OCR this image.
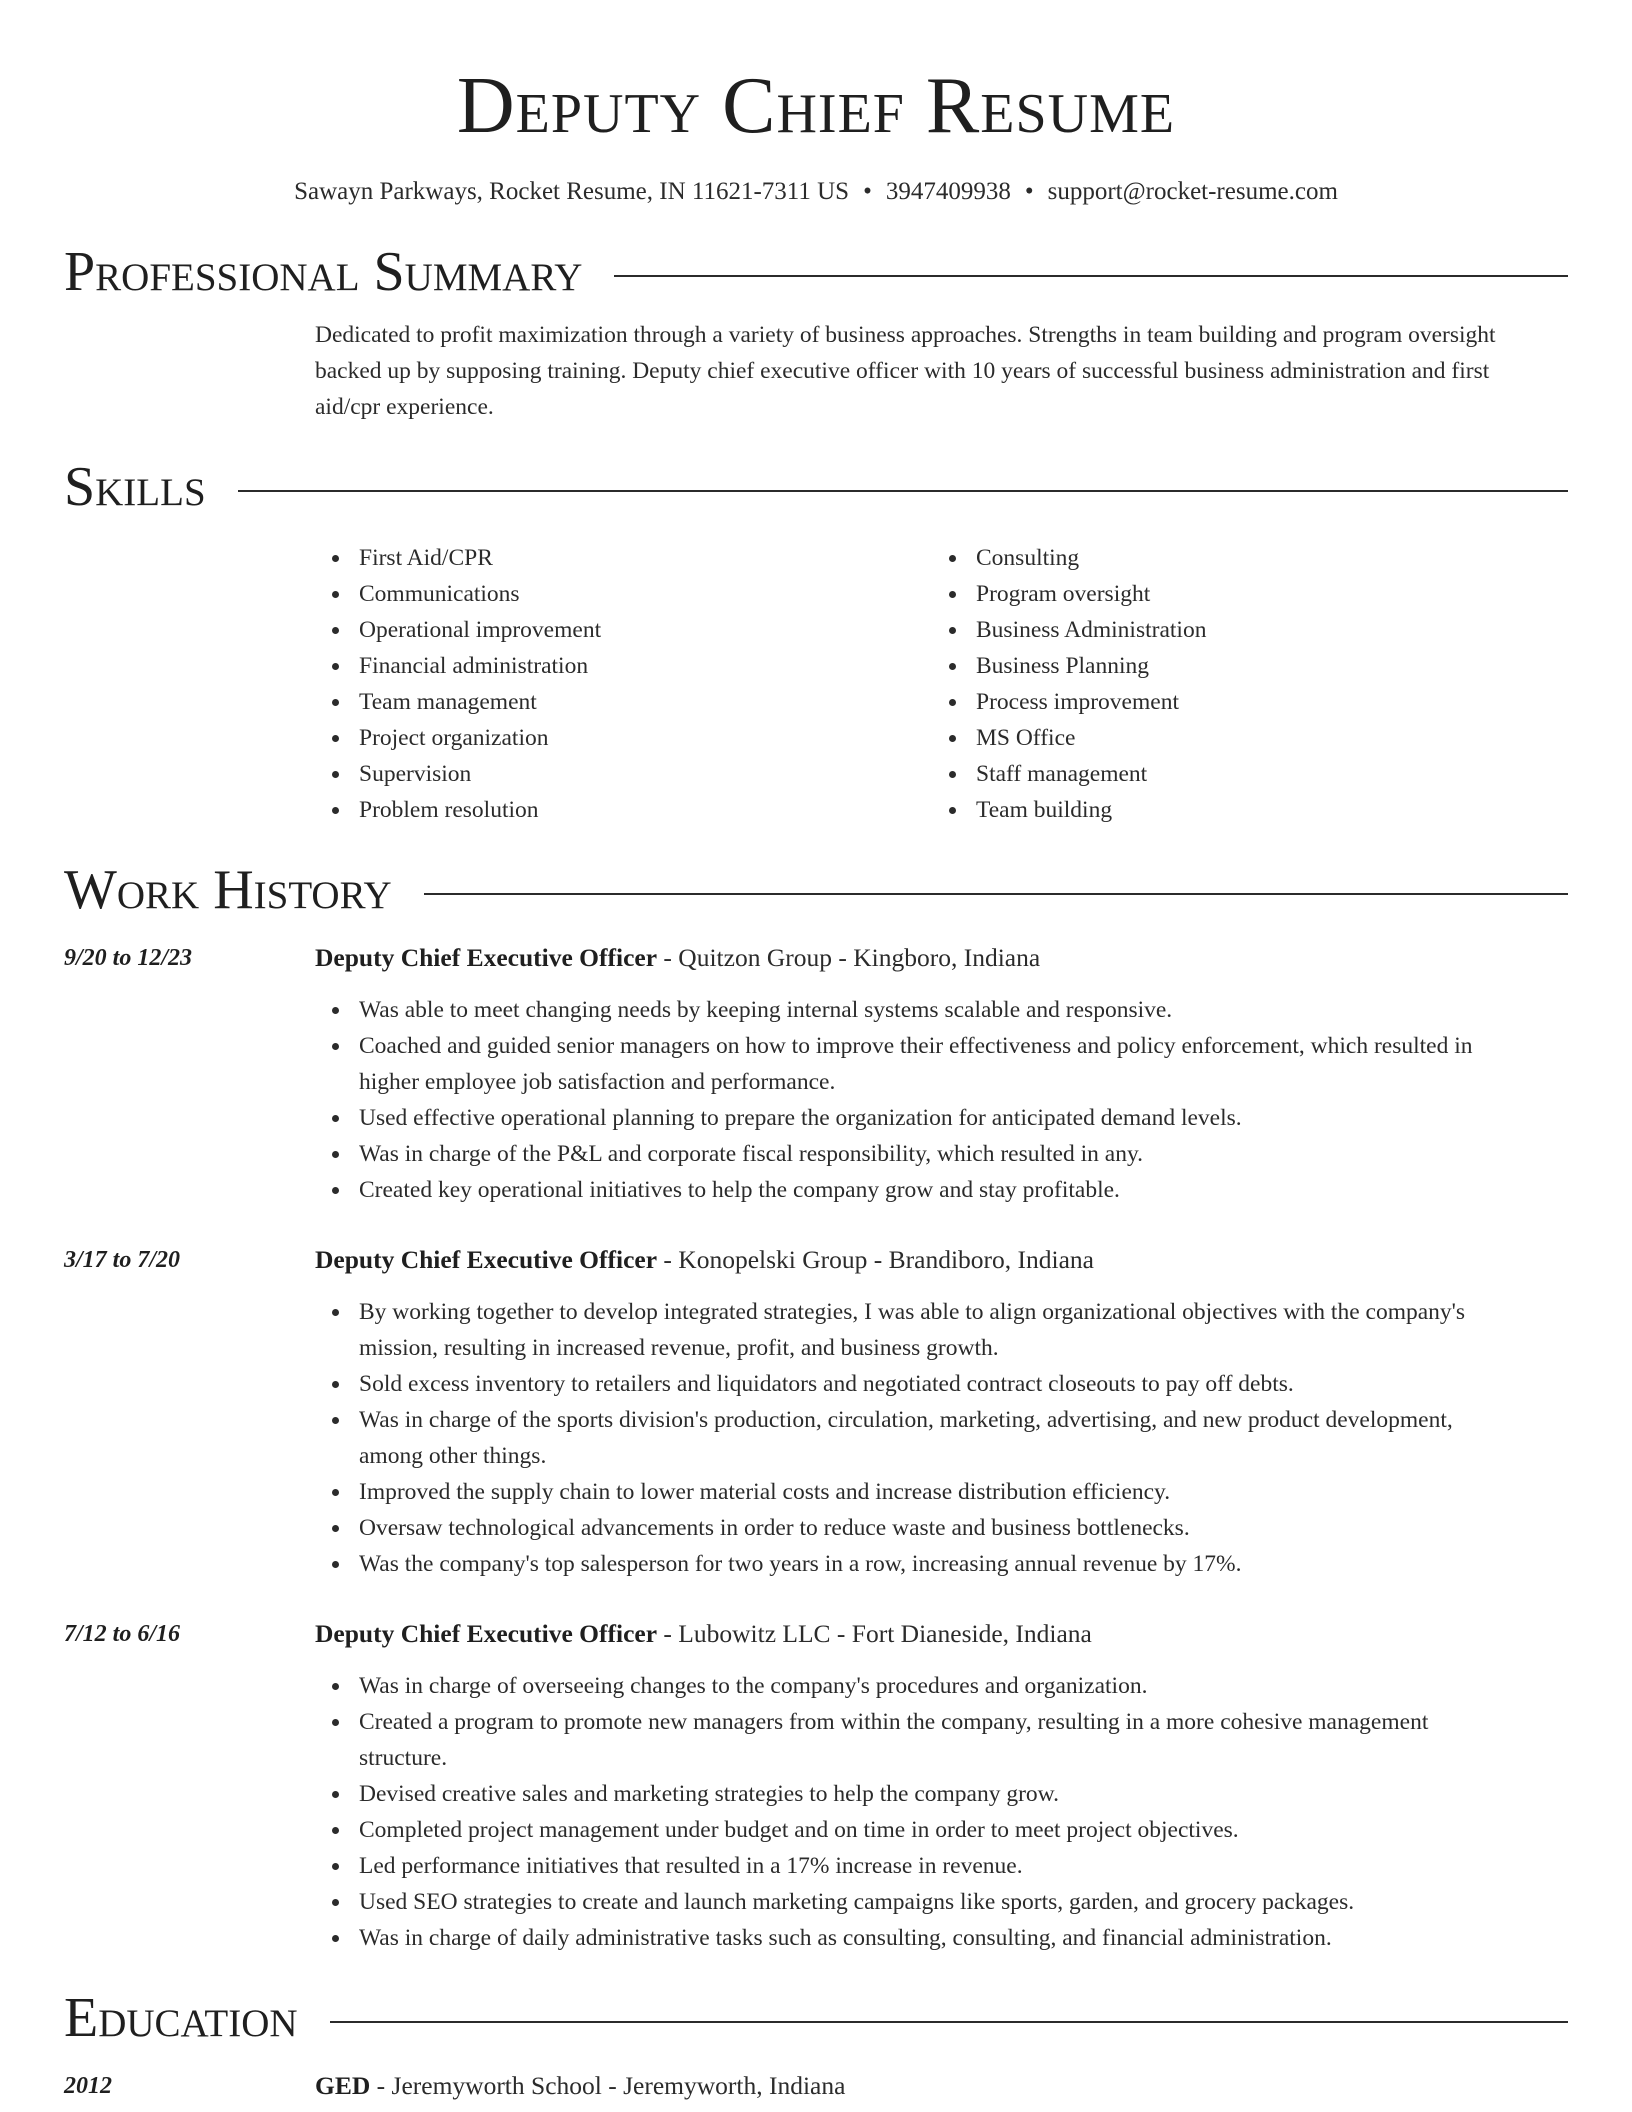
Deputy Chief Resume
Sawayn Parkways, Rocket Resume, IN 11621-7311 US • 3947409938 • support@rocket-resume.com
Professional Summary

Dedicated to profit maximization through a variety of business approaches. Strengths in team building and program oversight backed up by supposing training. Deputy chief executive officer with 10 years of successful business administration and first aid/cpr experience.

Skills
First Aid/CPR
Communications
Operational improvement
Financial administration
Team management
Project organization
Supervision
Problem resolution
Consulting
Program oversight
Business Administration
Business Planning
Process improvement
MS Office
Staff management
Team building
Work History
9/20 to 12/23	Deputy Chief Executive Officer - Quitzon Group - Kingboro, Indiana
Was able to meet changing needs by keeping internal systems scalable and responsive.
Coached and guided senior managers on how to improve their effectiveness and policy enforcement, which resulted in higher employee job satisfaction and performance.
Used effective operational planning to prepare the organization for anticipated demand levels.
Was in charge of the P&L and corporate fiscal responsibility, which resulted in any.
Created key operational initiatives to help the company grow and stay profitable.
3/17 to 7/20	Deputy Chief Executive Officer - Konopelski Group - Brandiboro, Indiana
By working together to develop integrated strategies, I was able to align organizational objectives with the company's mission, resulting in increased revenue, profit, and business growth.
Sold excess inventory to retailers and liquidators and negotiated contract closeouts to pay off debts.
Was in charge of the sports division's production, circulation, marketing, advertising, and new product development, among other things.
Improved the supply chain to lower material costs and increase distribution efficiency.
Oversaw technological advancements in order to reduce waste and business bottlenecks.
Was the company's top salesperson for two years in a row, increasing annual revenue by 17%.
7/12 to 6/16	Deputy Chief Executive Officer - Lubowitz LLC - Fort Dianeside, Indiana
Was in charge of overseeing changes to the company's procedures and organization.
Created a program to promote new managers from within the company, resulting in a more cohesive management structure.
Devised creative sales and marketing strategies to help the company grow.
Completed project management under budget and on time in order to meet project objectives.
Led performance initiatives that resulted in a 17% increase in revenue.
Used SEO strategies to create and launch marketing campaigns like sports, garden, and grocery packages.
Was in charge of daily administrative tasks such as consulting, consulting, and financial administration.
Education
2012	GED - Jeremyworth School - Jeremyworth, Indiana
